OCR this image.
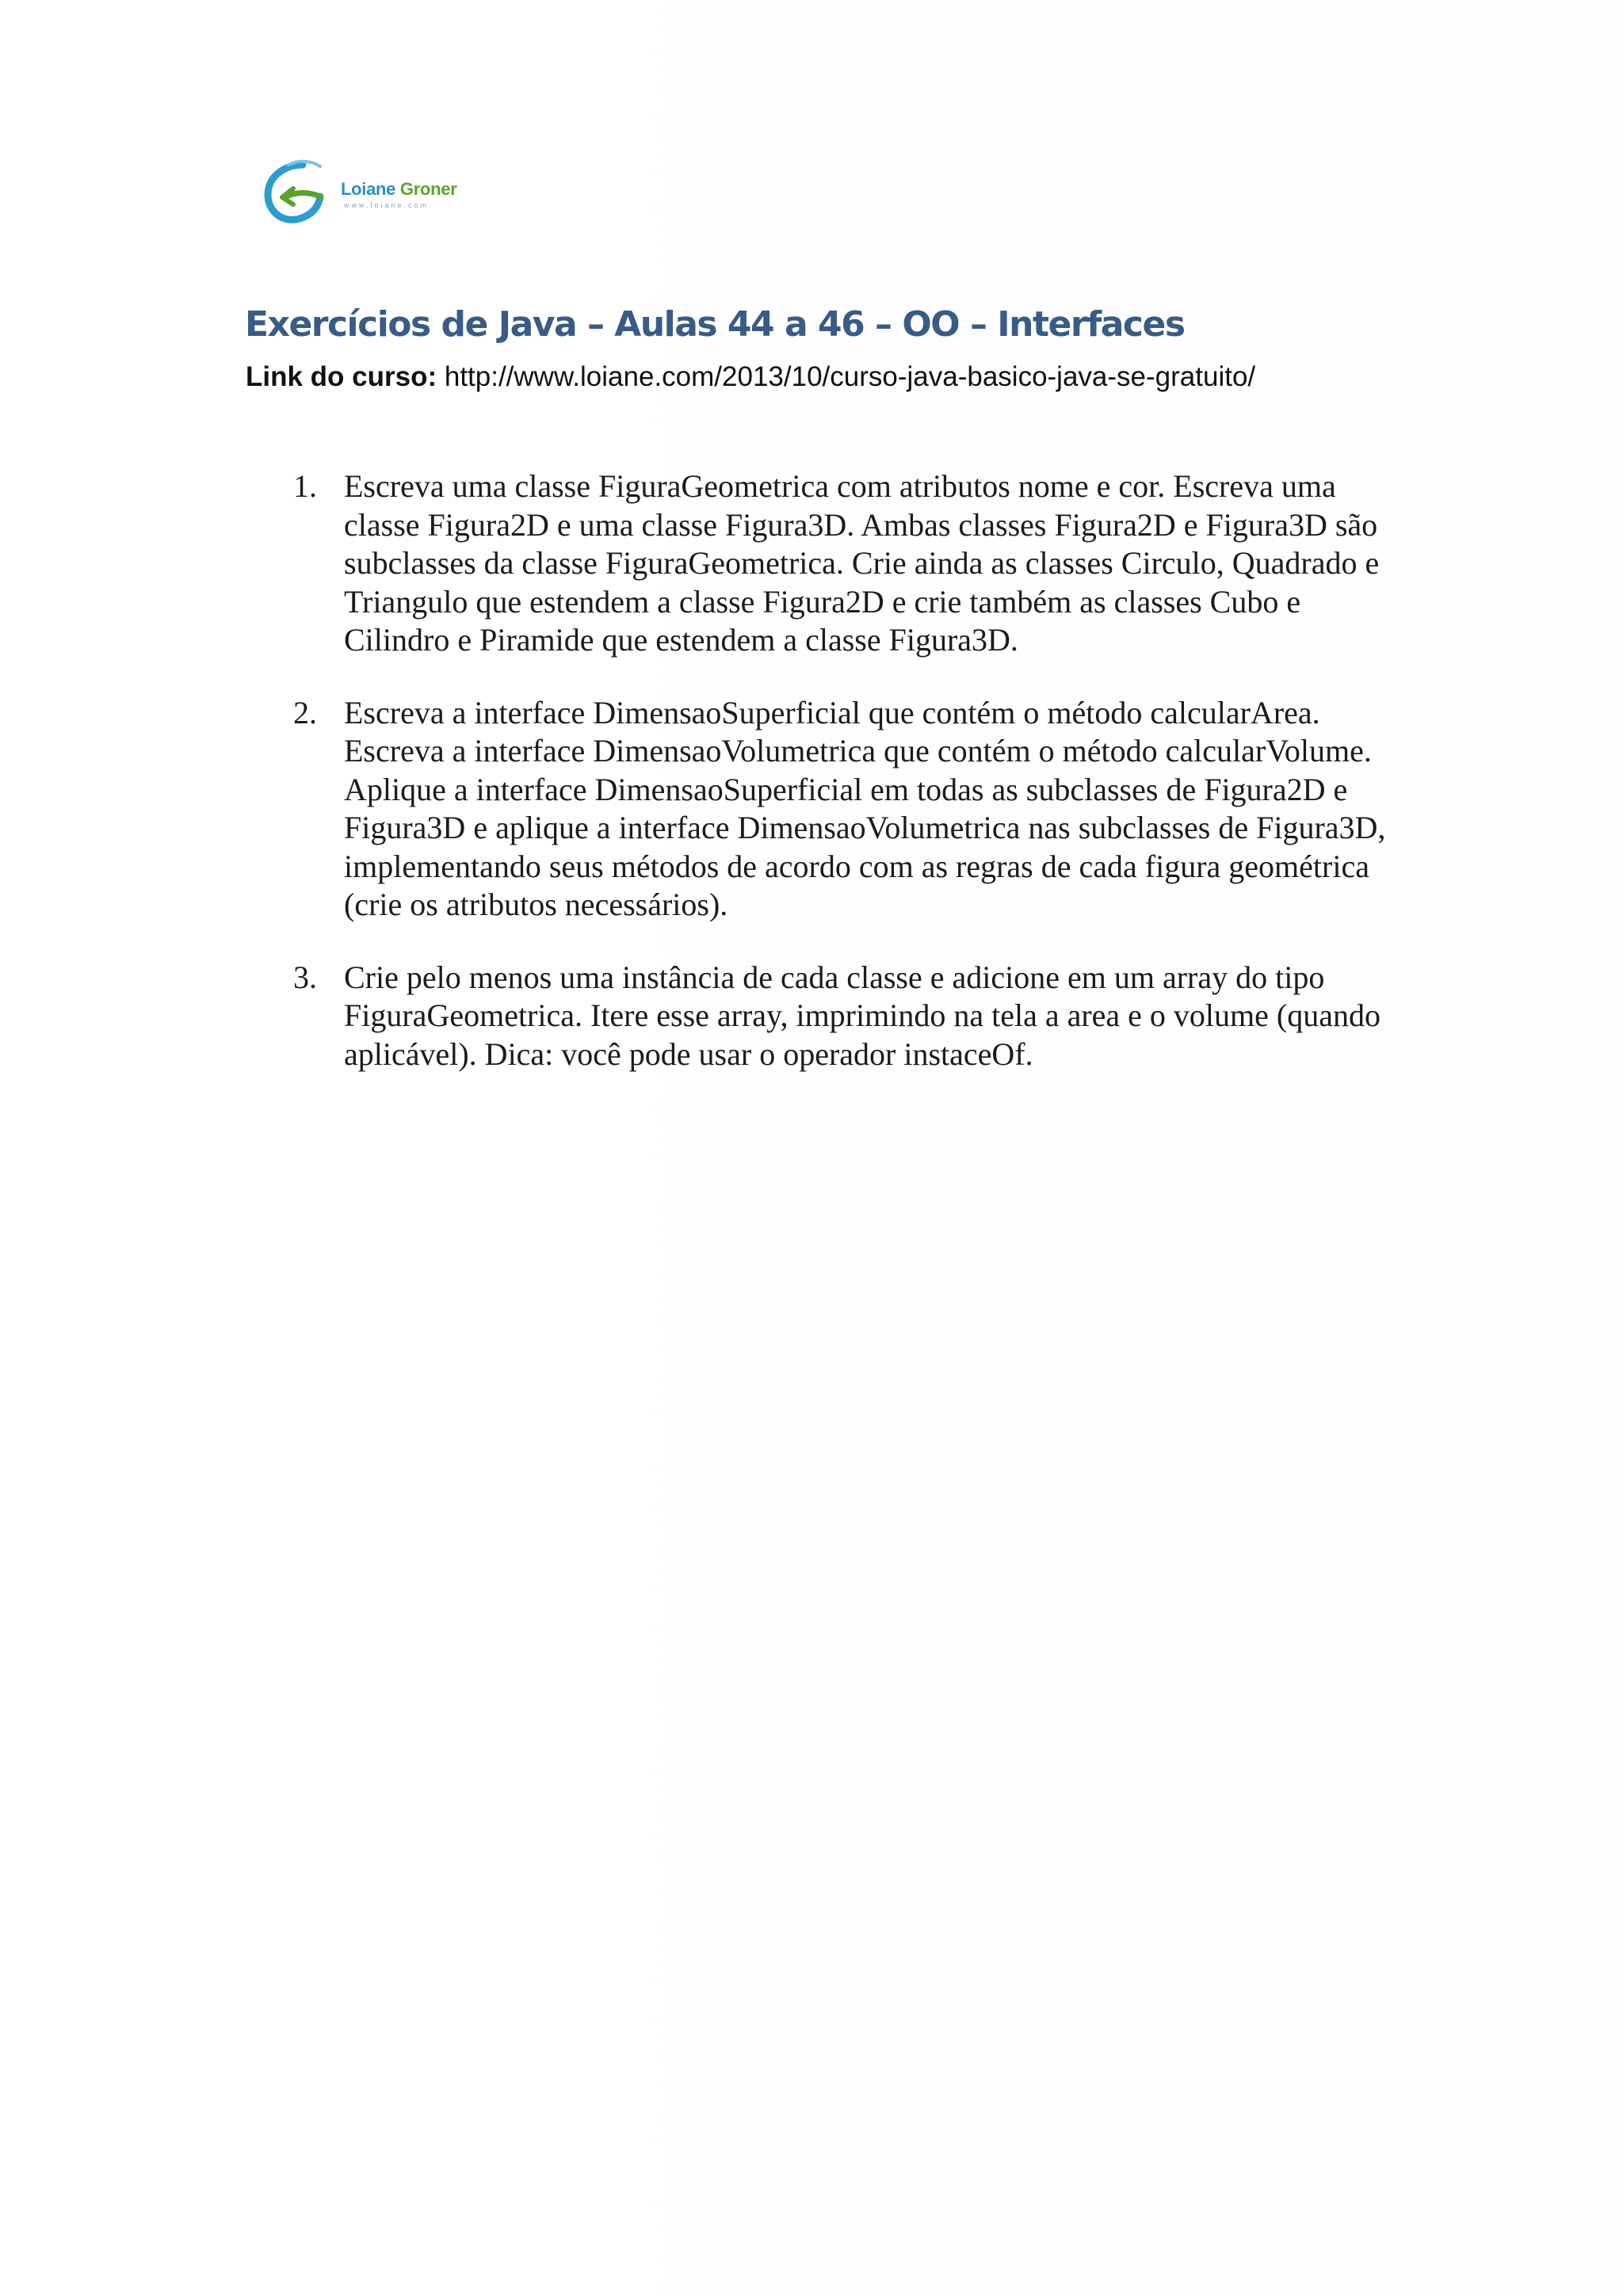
Loiane Groner
www.loiane.com
Exercícios de Java – Aulas 44 a 46 – OO – Interfaces
Link do curso: http://www.loiane.com/2013/10/curso-java-basico-java-se-gratuito/
1. Escreva uma classe FiguraGeometrica com atributos nome e cor. Escreva uma classe Figura2D e uma classe Figura3D. Ambas classes Figura2D e Figura3D são subclasses da classe FiguraGeometrica. Crie ainda as classes Circulo, Quadrado e Triangulo que estendem a classe Figura2D e crie também as classes Cubo e Cilindro e Piramide que estendem a classe Figura3D.
2. Escreva a interface DimensaoSuperficial que contém o método calcularArea. Escreva a interface DimensaoVolumetrica que contém o método calcularVolume. Aplique a interface DimensaoSuperficial em todas as subclasses de Figura2D e Figura3D e aplique a interface DimensaoVolumetrica nas subclasses de Figura3D, implementando seus métodos de acordo com as regras de cada figura geométrica (crie os atributos necessários).
3. Crie pelo menos uma instância de cada classe e adicione em um array do tipo FiguraGeometrica. Itere esse array, imprimindo na tela a area e o volume (quando aplicável). Dica: você pode usar o operador instaceOf.
